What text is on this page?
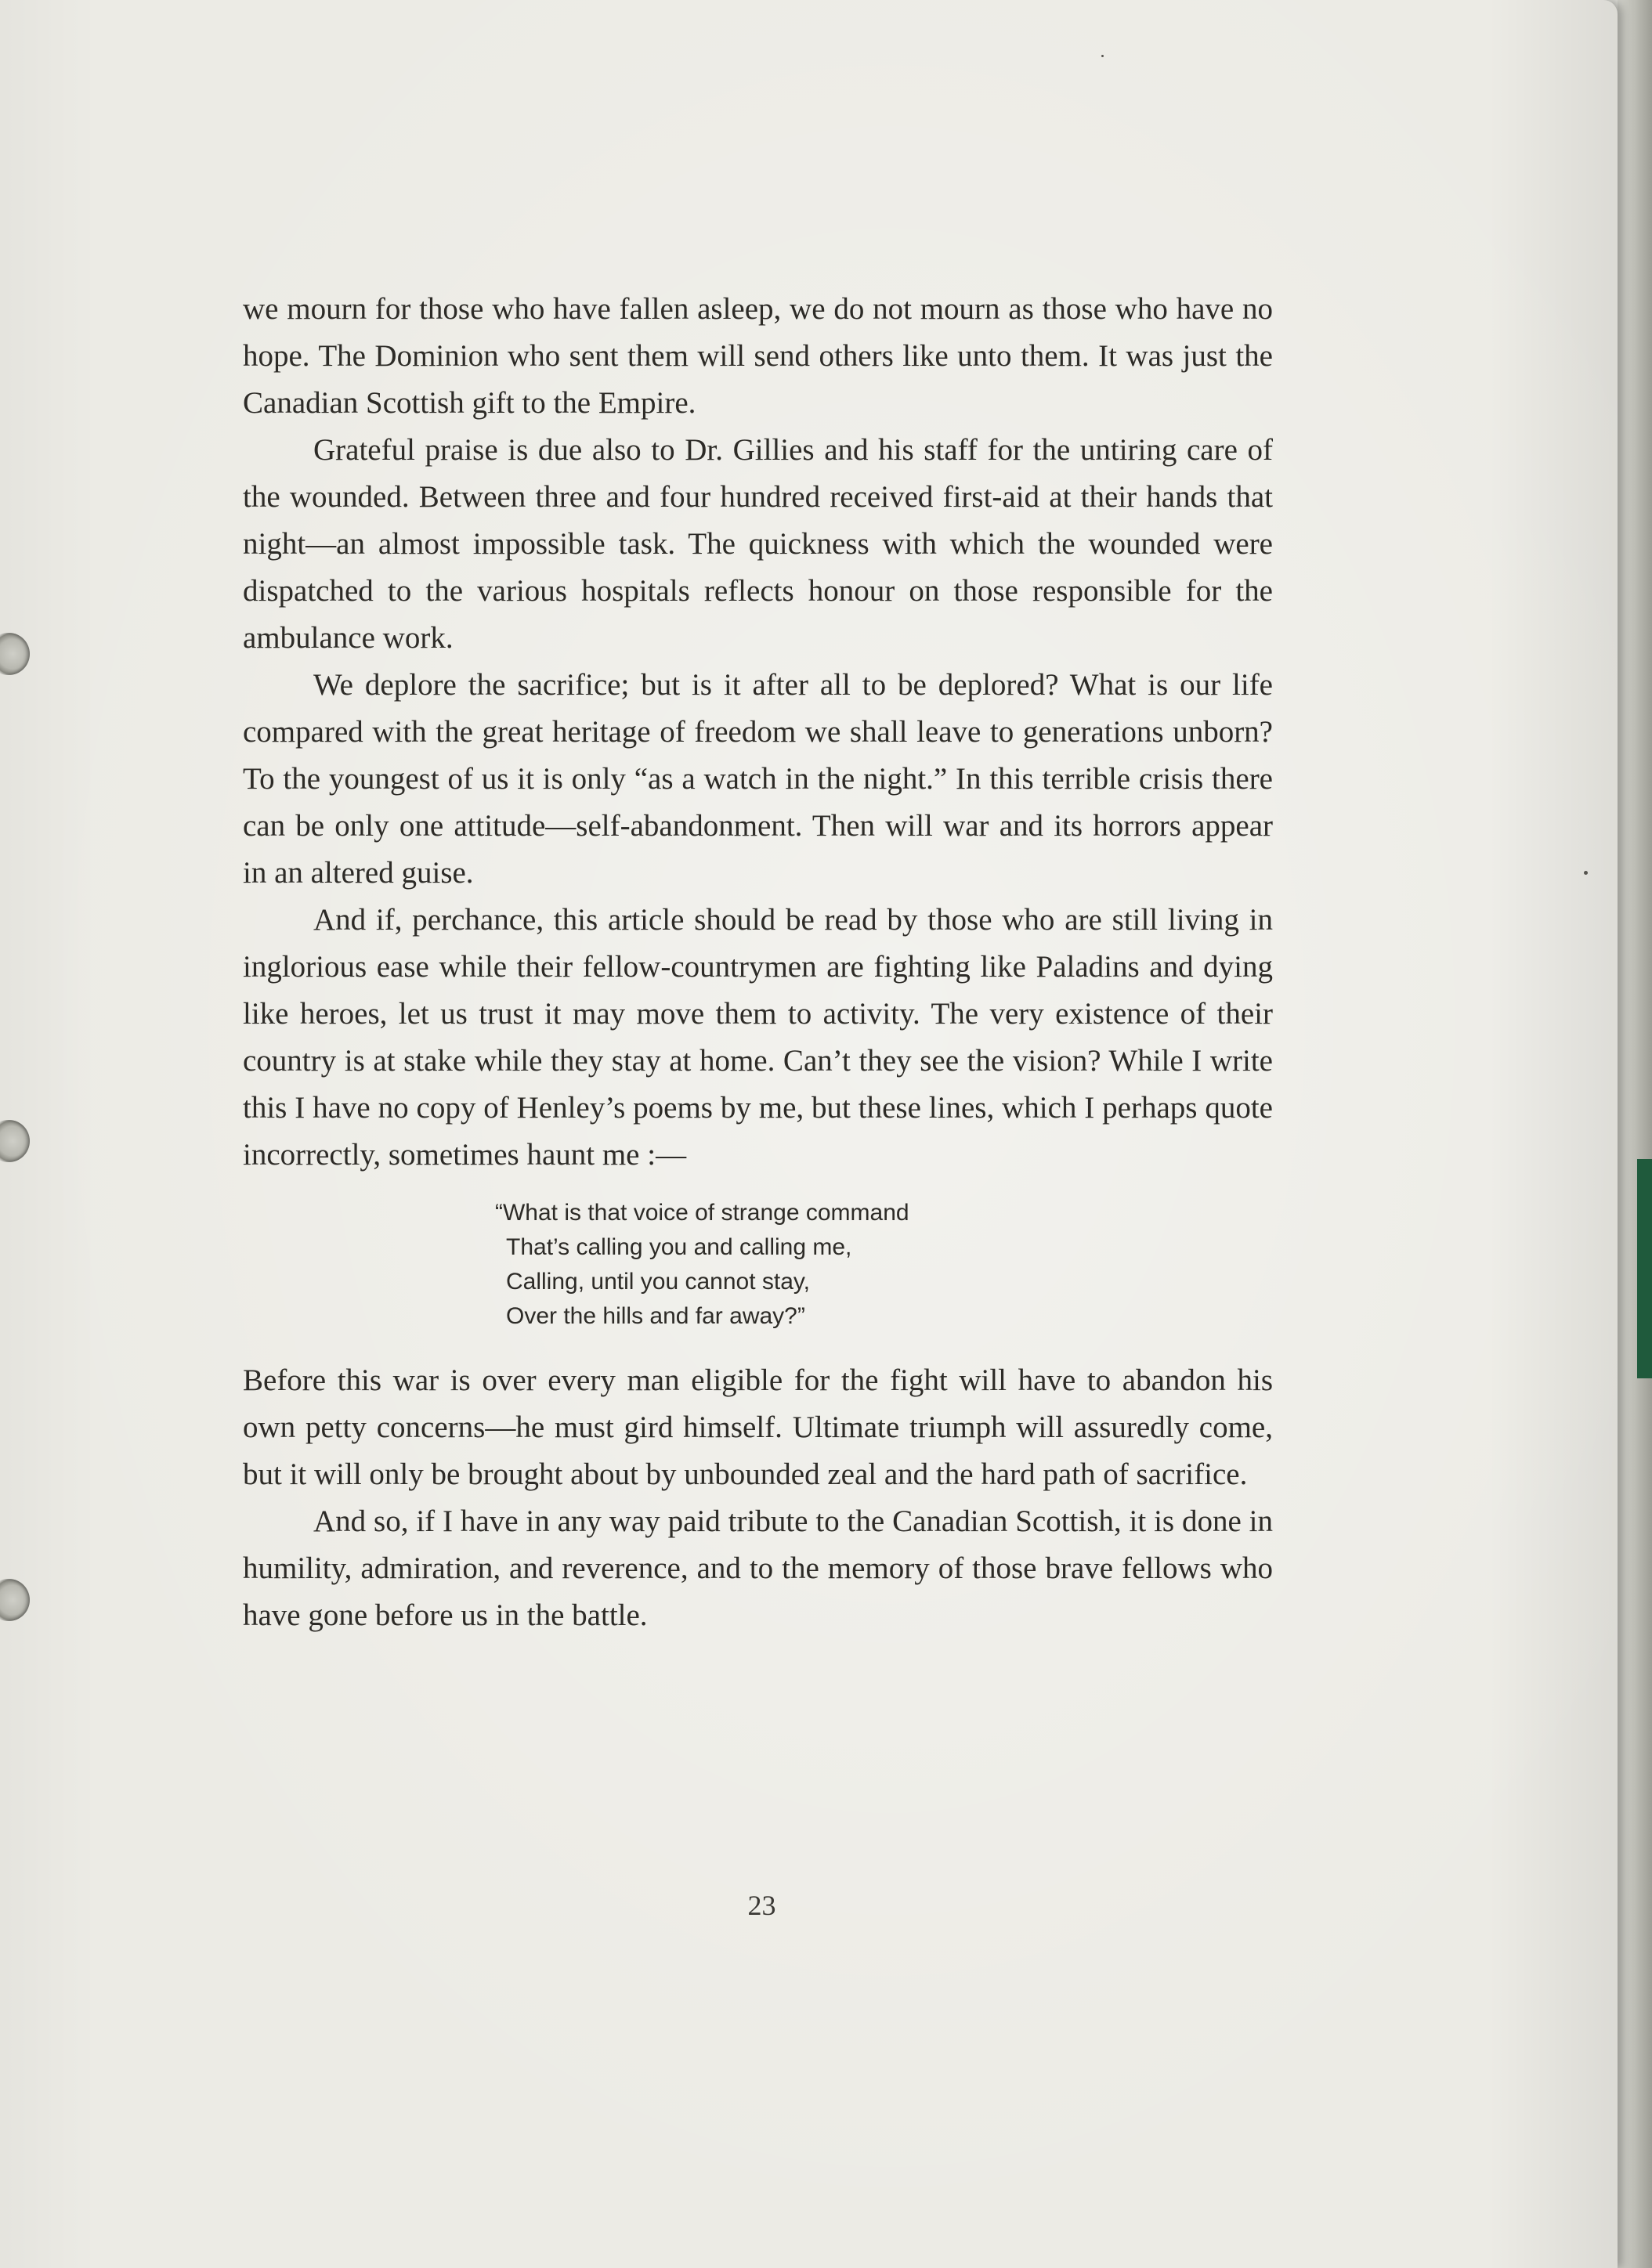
we mourn for those who have fallen asleep, we do not mourn as those who have no hope. The Dominion who sent them will send others like unto them. It was just the Canadian Scottish gift to the Empire.

Grateful praise is due also to Dr. Gillies and his staff for the untiring care of the wounded. Between three and four hundred received first-aid at their hands that night—an almost impossible task. The quickness with which the wounded were dispatched to the various hospitals reflects honour on those responsible for the ambulance work.

We deplore the sacrifice; but is it after all to be deplored? What is our life compared with the great heritage of freedom we shall leave to generations unborn? To the youngest of us it is only “as a watch in the night.” In this terrible crisis there can be only one attitude—self-abandonment. Then will war and its horrors appear in an altered guise.

And if, perchance, this article should be read by those who are still living in inglorious ease while their fellow-countrymen are fighting like Paladins and dying like heroes, let us trust it may move them to activity. The very existence of their country is at stake while they stay at home. Can’t they see the vision? While I write this I have no copy of Henley’s poems by me, but these lines, which I perhaps quote incorrectly, sometimes haunt me :—

“What is that voice of strange command
That’s calling you and calling me,
Calling, until you cannot stay,
Over the hills and far away?”

Before this war is over every man eligible for the fight will have to abandon his own petty concerns—he must gird himself. Ultimate triumph will assuredly come, but it will only be brought about by unbounded zeal and the hard path of sacrifice.

And so, if I have in any way paid tribute to the Canadian Scottish, it is done in humility, admiration, and reverence, and to the memory of those brave fellows who have gone before us in the battle.

23
